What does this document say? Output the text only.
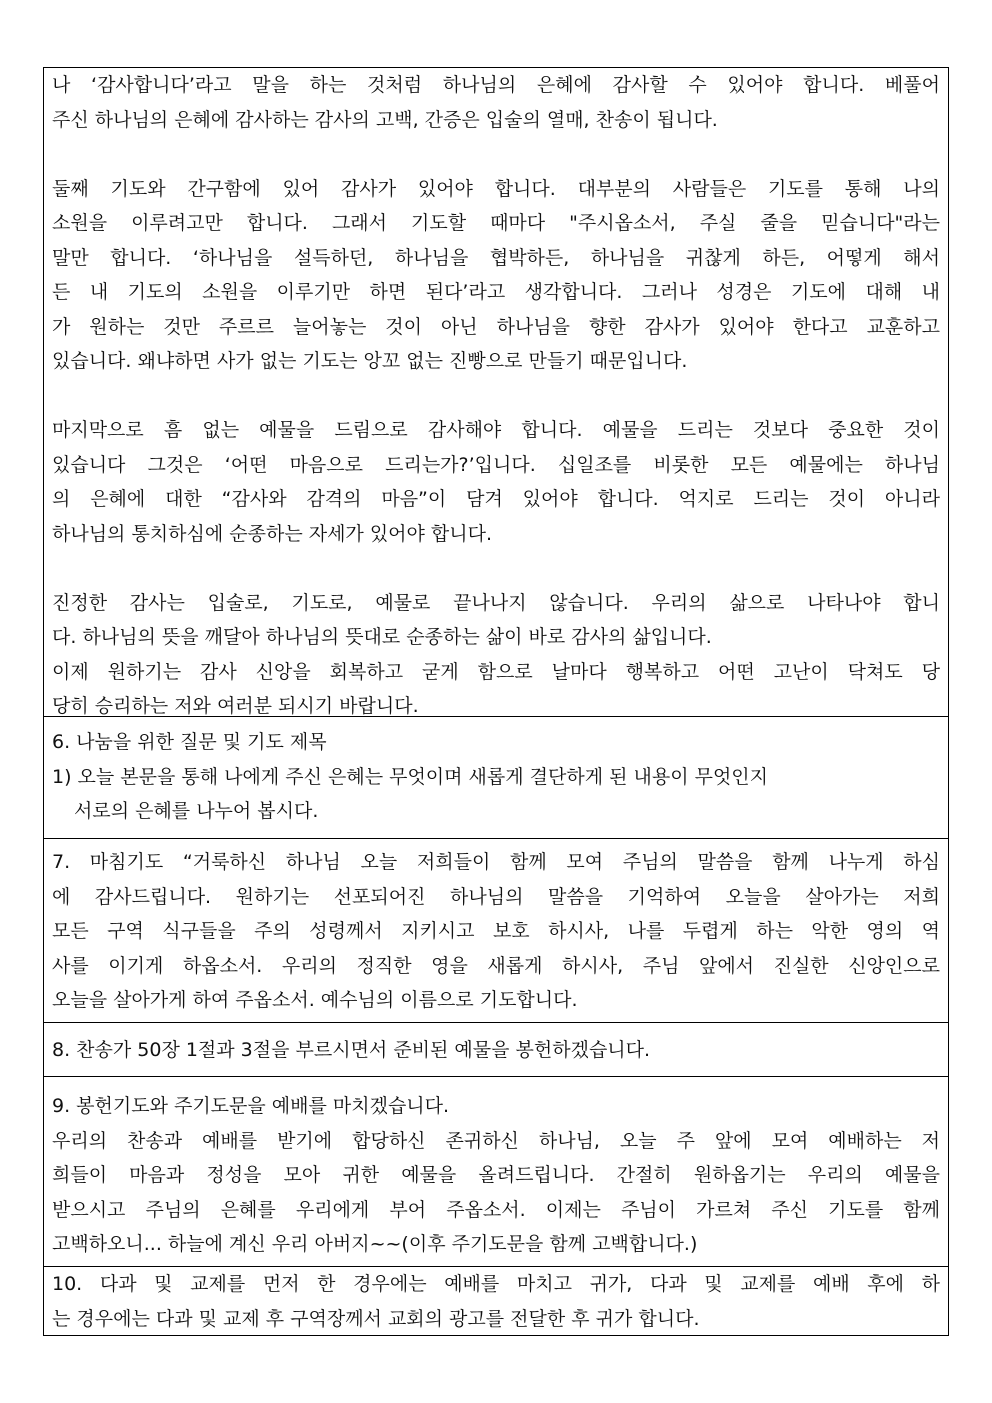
나 ‘감사합니다’라고 말을 하는 것처럼 하나님의 은혜에 감사할 수 있어야 합니다. 베풀어
주신 하나님의 은혜에 감사하는 감사의 고백, 간증은 입술의 열매, 찬송이 됩니다.
둘째 기도와 간구함에 있어 감사가 있어야 합니다. 대부분의 사람들은 기도를 통해 나의
소원을 이루려고만 합니다. 그래서 기도할 때마다 "주시옵소서, 주실 줄을 믿습니다"라는
말만 합니다. ‘하나님을 설득하던, 하나님을 협박하든, 하나님을 귀찮게 하든, 어떻게 해서
든 내 기도의 소원을 이루기만 하면 된다’라고 생각합니다. 그러나 성경은 기도에 대해 내
가 원하는 것만 주르르 늘어놓는 것이 아닌 하나님을 향한 감사가 있어야 한다고 교훈하고
있습니다. 왜냐하면 사가 없는 기도는 앙꼬 없는 진빵으로 만들기 때문입니다.
마지막으로 흠 없는 예물을 드림으로 감사해야 합니다. 예물을 드리는 것보다 중요한 것이
있습니다 그것은 ‘어떤 마음으로 드리는가?’입니다. 십일조를 비롯한 모든 예물에는 하나님
의 은혜에 대한 “감사와 감격의 마음”이 담겨 있어야 합니다. 억지로 드리는 것이 아니라
하나님의 통치하심에 순종하는 자세가 있어야 합니다.
진정한 감사는 입술로, 기도로, 예물로 끝나나지 않습니다. 우리의 삶으로 나타나야 합니
다. 하나님의 뜻을 깨달아 하나님의 뜻대로 순종하는 삶이 바로 감사의 삶입니다.
이제 원하기는 감사 신앙을 회복하고 굳게 함으로 날마다 행복하고 어떤 고난이 닥쳐도 당
당히 승리하는 저와 여러분 되시기 바랍니다.
6. 나눔을 위한 질문 및 기도 제목
1) 오늘 본문을 통해 나에게 주신 은혜는 무엇이며 새롭게 결단하게 된 내용이 무엇인지
서로의 은혜를 나누어 봅시다.
7. 마침기도 “거룩하신 하나님 오늘 저희들이 함께 모여 주님의 말씀을 함께 나누게 하심
에 감사드립니다. 원하기는 선포되어진 하나님의 말씀을 기억하여 오늘을 살아가는 저희
모든 구역 식구들을 주의 성령께서 지키시고 보호 하시사, 나를 두렵게 하는 악한 영의 역
사를 이기게 하옵소서. 우리의 정직한 영을 새롭게 하시사, 주님 앞에서 진실한 신앙인으로
오늘을 살아가게 하여 주옵소서. 예수님의 이름으로 기도합니다.
8. 찬송가 50장 1절과 3절을 부르시면서 준비된 예물을 봉헌하겠습니다.
9. 봉헌기도와 주기도문을 예배를 마치겠습니다.
우리의 찬송과 예배를 받기에 합당하신 존귀하신 하나님, 오늘 주 앞에 모여 예배하는 저
희들이 마음과 정성을 모아 귀한 예물을 올려드립니다. 간절히 원하옵기는 우리의 예물을
받으시고 주님의 은혜를 우리에게 부어 주옵소서. 이제는 주님이 가르쳐 주신 기도를 함께
고백하오니... 하늘에 계신 우리 아버지~~(이후 주기도문을 함께 고백합니다.)
10. 다과 및 교제를 먼저 한 경우에는 예배를 마치고 귀가, 다과 및 교제를 예배 후에 하
는 경우에는 다과 및 교제 후 구역장께서 교회의 광고를 전달한 후 귀가 합니다.
